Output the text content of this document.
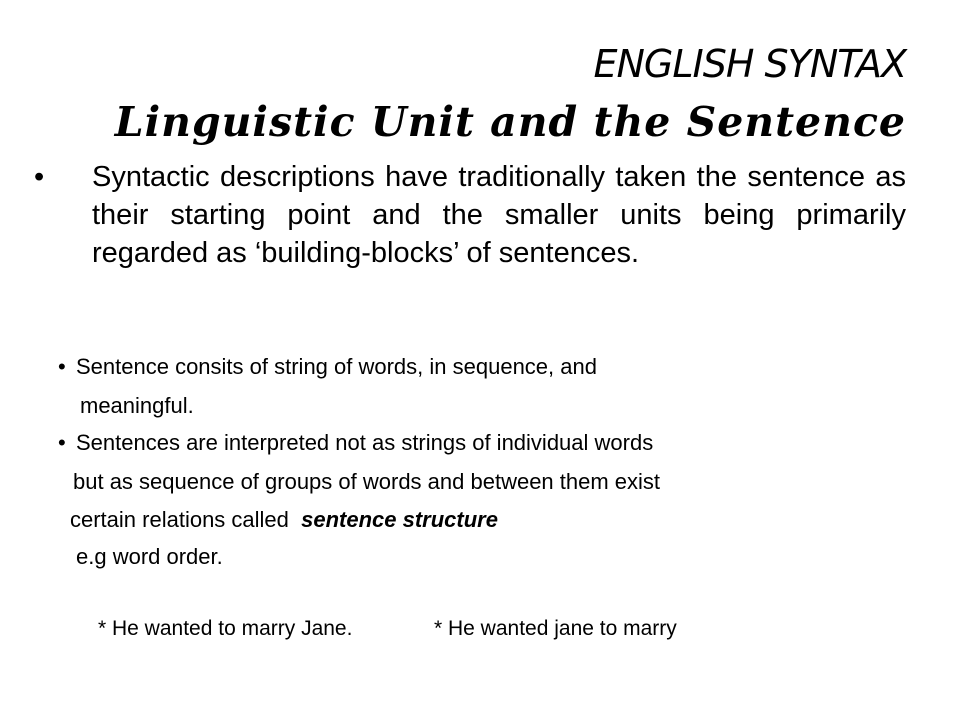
ENGLISH SYNTAX
Linguistic Unit and the Sentence
• Syntactic descriptions have traditionally taken the sentence as their starting point and the smaller units being primarily regarded as ‘building-blocks’ of sentences.
• Sentence consits of string of words, in sequence, and
meaningful.
• Sentences are interpreted not as strings of individual words
but as sequence of groups of words and between them exist
certain relations called  sentence structure
e.g word order.
* He wanted to marry Jane.	* He wanted jane to marry
